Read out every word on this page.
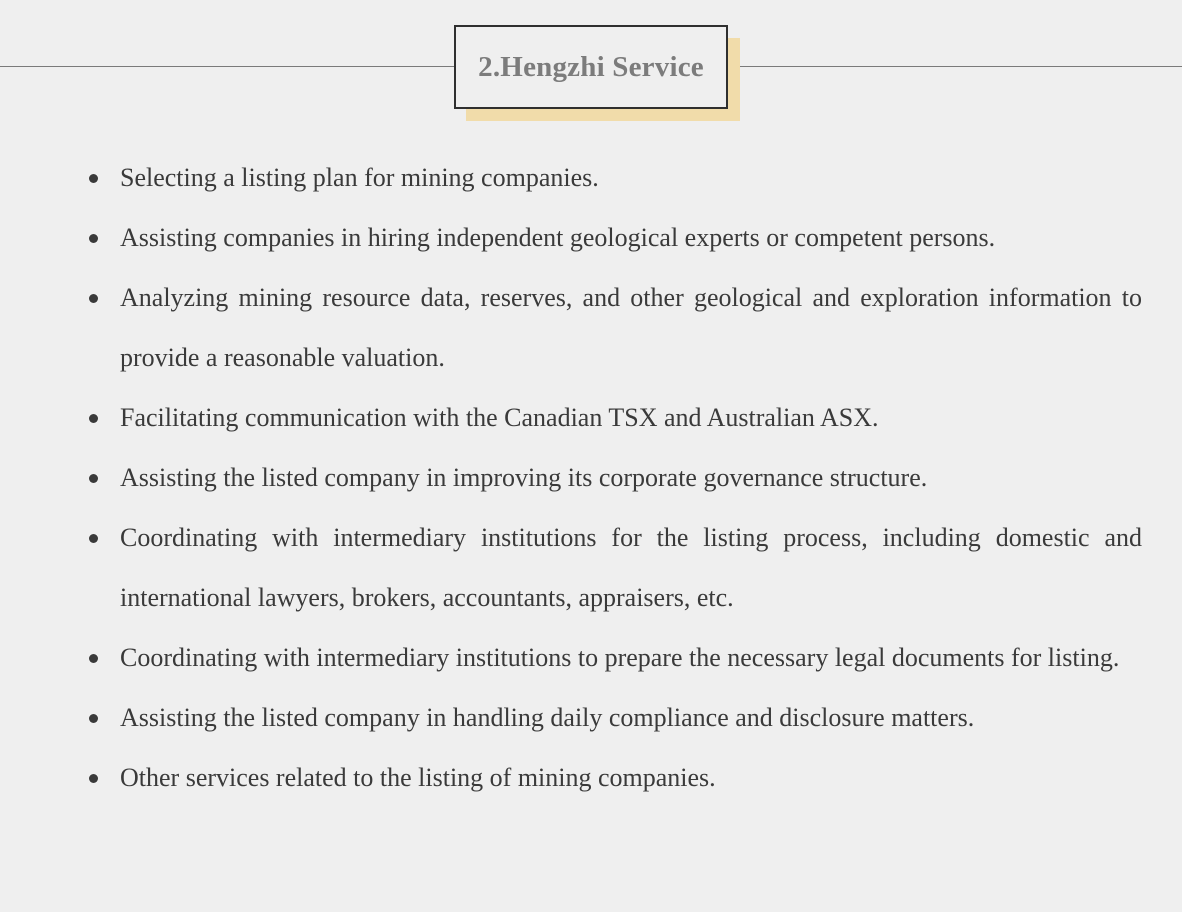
2.Hengzhi Service
Selecting a listing plan for mining companies.
Assisting companies in hiring independent geological experts or competent persons.
Analyzing mining resource data, reserves, and other geological and exploration information to provide a reasonable valuation.
Facilitating communication with the Canadian TSX and Australian ASX.
Assisting the listed company in improving its corporate governance structure.
Coordinating with intermediary institutions for the listing process, including domestic and international lawyers, brokers, accountants, appraisers, etc.
Coordinating with intermediary institutions to prepare the necessary legal documents for listing.
Assisting the listed company in handling daily compliance and disclosure matters.
Other services related to the listing of mining companies.
